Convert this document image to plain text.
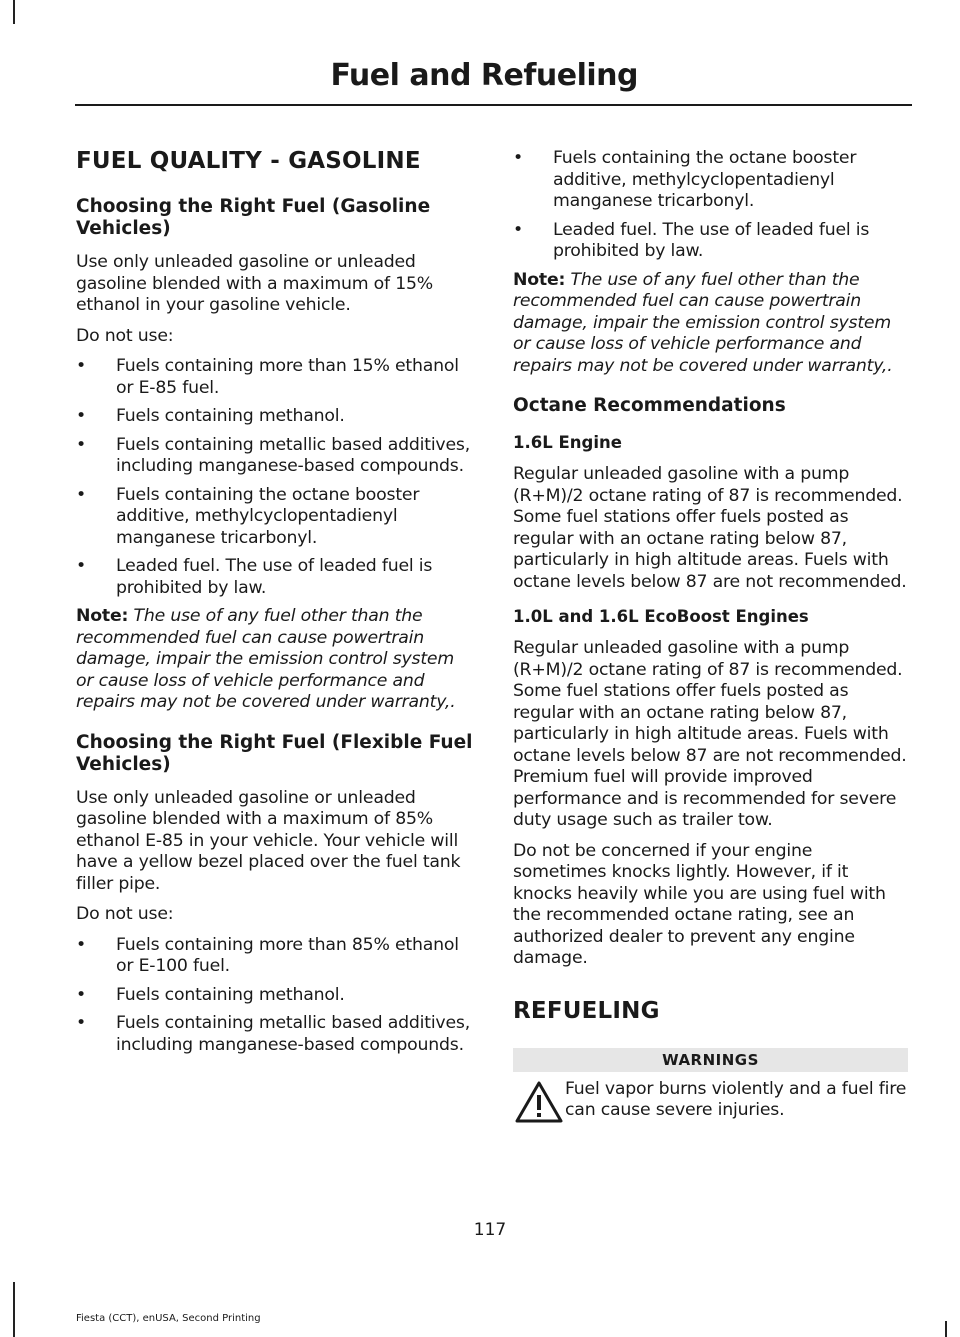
Fuel and Refueling
FUEL QUALITY - GASOLINE
Choosing the Right Fuel (Gasoline Vehicles)

Use only unleaded gasoline or unleaded gasoline blended with a maximum of 15% ethanol in your gasoline vehicle.

Do not use:

• Fuels containing more than 15% ethanol or E-85 fuel.
• Fuels containing methanol.
• Fuels containing metallic based additives, including manganese-based compounds.
• Fuels containing the octane booster additive, methylcyclopentadienyl manganese tricarbonyl.
• Leaded fuel. The use of leaded fuel is prohibited by law.

Note: The use of any fuel other than the recommended fuel can cause powertrain damage, impair the emission control system or cause loss of vehicle performance and repairs may not be covered under warranty,.

Choosing the Right Fuel (Flexible Fuel Vehicles)

Use only unleaded gasoline or unleaded gasoline blended with a maximum of 85% ethanol E-85 in your vehicle. Your vehicle will have a yellow bezel placed over the fuel tank filler pipe.

Do not use:

• Fuels containing more than 85% ethanol or E-100 fuel.
• Fuels containing methanol.
• Fuels containing metallic based additives, including manganese-based compounds.
• Fuels containing the octane booster additive, methylcyclopentadienyl manganese tricarbonyl.
• Leaded fuel. The use of leaded fuel is prohibited by law.

Note: The use of any fuel other than the recommended fuel can cause powertrain damage, impair the emission control system or cause loss of vehicle performance and repairs may not be covered under warranty,.

Octane Recommendations
1.6L Engine

Regular unleaded gasoline with a pump (R+M)/2 octane rating of 87 is recommended. Some fuel stations offer fuels posted as regular with an octane rating below 87, particularly in high altitude areas. Fuels with octane levels below 87 are not recommended.

1.0L and 1.6L EcoBoost Engines

Regular unleaded gasoline with a pump (R+M)/2 octane rating of 87 is recommended. Some fuel stations offer fuels posted as regular with an octane rating below 87, particularly in high altitude areas. Fuels with octane levels below 87 are not recommended. Premium fuel will provide improved performance and is recommended for severe duty usage such as trailer tow.

Do not be concerned if your engine sometimes knocks lightly. However, if it knocks heavily while you are using fuel with the recommended octane rating, see an authorized dealer to prevent any engine damage.

REFUELING
WARNINGS
Fuel vapor burns violently and a fuel fire can cause severe injuries.
117
Fiesta (CCT), enUSA, Second Printing
